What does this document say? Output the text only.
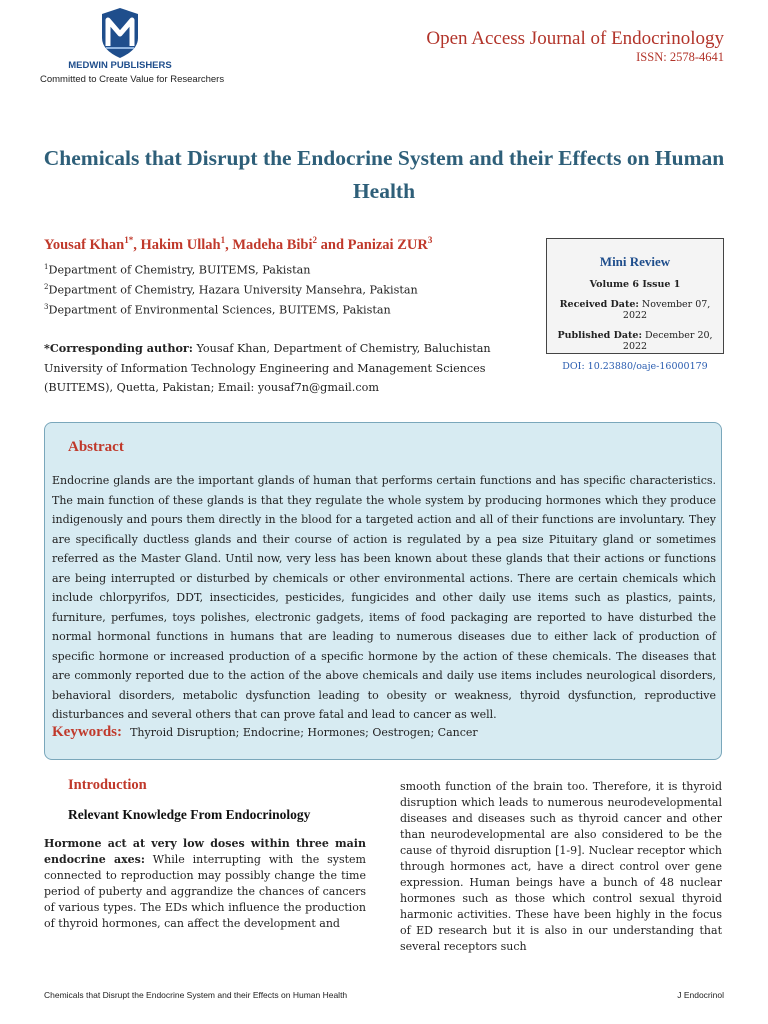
MEDWIN PUBLISHERS
Committed to Create Value for Researchers
Open Access Journal of Endocrinology
ISSN: 2578-4641
Chemicals that Disrupt the Endocrine System and their Effects on Human Health
Yousaf Khan$^{1*}$, Hakim Ullah$^1$, Madeha Bibi$^2$ and Panizai ZUR$^3$
$^1$Department of Chemistry, BUITEMS, Pakistan
$^2$Department of Chemistry, Hazara University Mansehra, Pakistan
$^3$Department of Environmental Sciences, BUITEMS, Pakistan
*Corresponding author: Yousaf Khan, Department of Chemistry, Baluchistan University of Information Technology Engineering and Management Sciences (BUITEMS), Quetta, Pakistan; Email: yousaf7n@gmail.com
Mini Review
Volume 6 Issue 1
Received Date: November 07, 2022
Published Date: December 20, 2022
DOI: 10.23880/oaje-16000179
Abstract
Endocrine glands are the important glands of human that performs certain functions and has specific characteristics. The main function of these glands is that they regulate the whole system by producing hormones which they produce indigenously and pours them directly in the blood for a targeted action and all of their functions are involuntary. They are specifically ductless glands and their course of action is regulated by a pea size Pituitary gland or sometimes referred as the Master Gland. Until now, very less has been known about these glands that their actions or functions are being interrupted or disturbed by chemicals or other environmental actions. There are certain chemicals which include chlorpyrifos, DDT, insecticides, pesticides, fungicides and other daily use items such as plastics, paints, furniture, perfumes, toys polishes, electronic gadgets, items of food packaging are reported to have disturbed the normal hormonal functions in humans that are leading to numerous diseases due to either lack of production of specific hormone or increased production of a specific hormone by the action of these chemicals. The diseases that are commonly reported due to the action of the above chemicals and daily use items includes neurological disorders, behavioral disorders, metabolic dysfunction leading to obesity or weakness, thyroid dysfunction, reproductive disturbances and several others that can prove fatal and lead to cancer as well.
Keywords: Thyroid Disruption; Endocrine; Hormones; Oestrogen; Cancer
Introduction
Relevant Knowledge From Endocrinology
Hormone act at very low doses within three main endocrine axes: While interrupting with the system connected to reproduction may possibly change the time period of puberty and aggrandize the chances of cancers of various types. The EDs which influence the production of thyroid hormones, can affect the development and
smooth function of the brain too. Therefore, it is thyroid disruption which leads to numerous neurodevelopmental diseases and diseases such as thyroid cancer and other than neurodevelopmental are also considered to be the cause of thyroid disruption [1-9]. Nuclear receptor which through hormones act, have a direct control over gene expression. Human beings have a bunch of 48 nuclear hormones such as those which control sexual thyroid harmonic activities. These have been highly in the focus of ED research but it is also in our understanding that several receptors such
Chemicals that Disrupt the Endocrine System and their Effects on Human Health	J Endocrinol
